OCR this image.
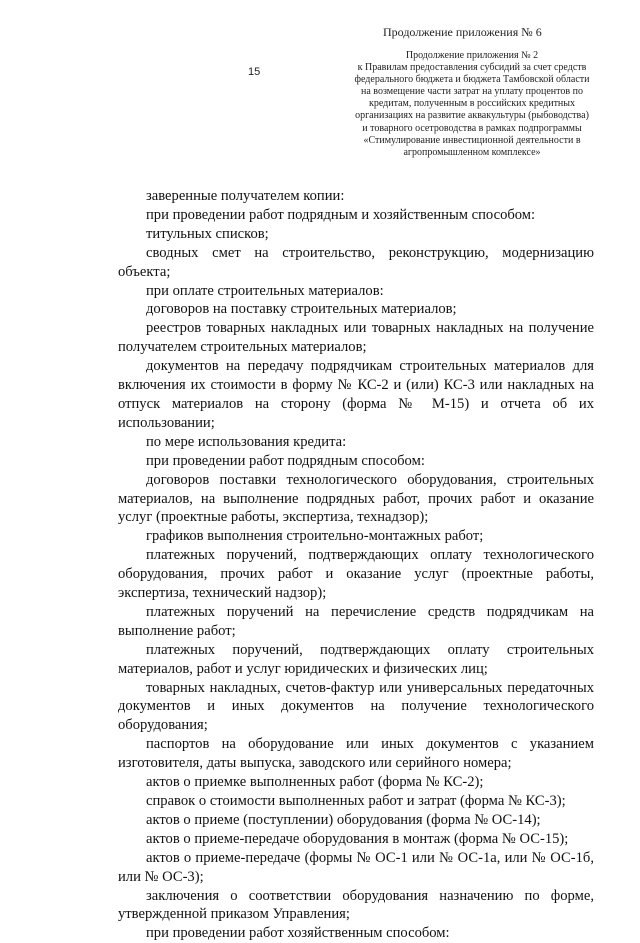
15
Продолжение приложения № 6
Продолжение приложения № 2
к Правилам предоставления субсидий за счет средств
федерального бюджета и бюджета Тамбовской области
на возмещение части затрат на уплату процентов по
кредитам, полученным в российских кредитных
организациях на развитие аквакультуры (рыбоводства)
и товарного осетроводства в рамках подпрограммы
«Стимулирование инвестиционной деятельности в
агропромышленном комплексе»

заверенные получателем копии:

при проведении работ подрядным и хозяйственным способом:

титульных списков;

сводных смет на строительство, реконструкцию, модернизацию объекта;

при оплате строительных материалов:

договоров на поставку строительных материалов;

реестров товарных накладных или товарных накладных на получение получателем строительных материалов;

документов на передачу подрядчикам строительных материалов для включения их стоимости в форму № КС-2 и (или) КС-3 или накладных на отпуск материалов на сторону (форма № М-15) и отчета об их использовании;

по мере использования кредита:

при проведении работ подрядным способом:

договоров поставки технологического оборудования, строительных материалов, на выполнение подрядных работ, прочих работ и оказание услуг (проектные работы, экспертиза, технадзор);

графиков выполнения строительно-монтажных работ;

платежных поручений, подтверждающих оплату технологического оборудования, прочих работ и оказание услуг (проектные работы, экспертиза, технический надзор);

платежных поручений на перечисление средств подрядчикам на выполнение работ;

платежных поручений, подтверждающих оплату строительных материалов, работ и услуг юридических и физических лиц;

товарных накладных, счетов-фактур или универсальных передаточных документов и иных документов на получение технологического оборудования;

паспортов на оборудование или иных документов с указанием изготовителя, даты выпуска, заводского или серийного номера;

актов о приемке выполненных работ (форма № КС-2);

справок о стоимости выполненных работ и затрат (форма № КС-3);

актов о приеме (поступлении) оборудования (форма № ОС-14);

актов о приеме-передаче оборудования в монтаж (форма № ОС-15);

актов о приеме-передаче (формы № ОС-1 или № ОС-1а, или № ОС-1б, или № ОС-3);

заключения о соответствии оборудования назначению по форме, утвержденной приказом Управления;

при проведении работ хозяйственным способом:
